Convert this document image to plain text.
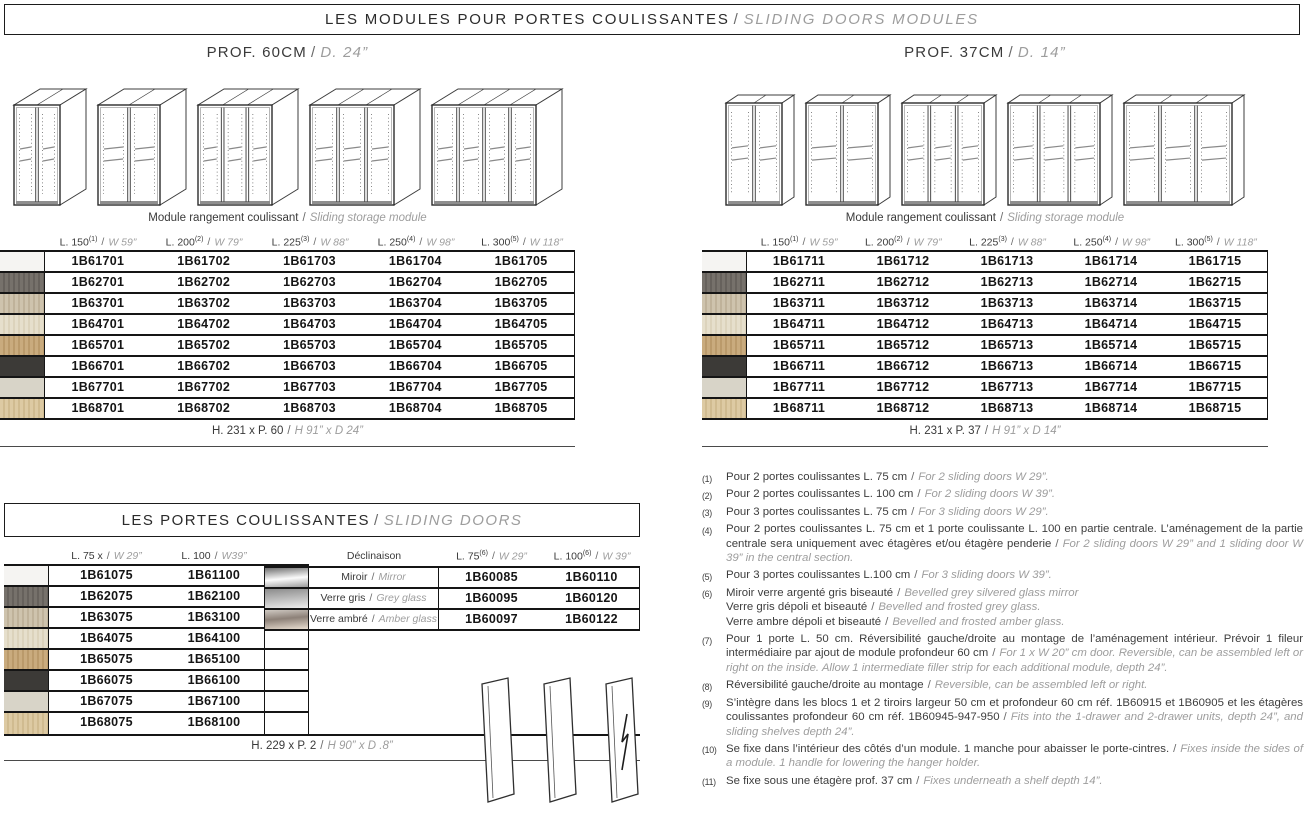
LES MODULES POUR PORTES COULISSANTES / SLIDING DOORS MODULES
PROF. 60CM / D. 24”
Module rangement coulissant / Sliding storage module
L. 150$^{(1)}$ / W 59”	L. 200$^{(2)}$ / W 79”	L. 225$^{(3)}$ / W 88”	L. 250$^{(4)}$ / W 98”	L. 300$^{(5)}$ / W 118”
1B61701	1B61702	1B61703	1B61704	1B61705
1B62701	1B62702	1B62703	1B62704	1B62705
1B63701	1B63702	1B63703	1B63704	1B63705
1B64701	1B64702	1B64703	1B64704	1B64705
1B65701	1B65702	1B65703	1B65704	1B65705
1B66701	1B66702	1B66703	1B66704	1B66705
1B67701	1B67702	1B67703	1B67704	1B67705
1B68701	1B68702	1B68703	1B68704	1B68705
H. 231 x P. 60 / H 91” x D 24”
PROF. 37CM / D. 14”
Module rangement coulissant / Sliding storage module
L. 150$^{(1)}$ / W 59”	L. 200$^{(2)}$ / W 79”	L. 225$^{(3)}$ / W 88”	L. 250$^{(4)}$ / W 98”	L. 300$^{(5)}$ / W 118”
1B61711	1B61712	1B61713	1B61714	1B61715
1B62711	1B62712	1B62713	1B62714	1B62715
1B63711	1B63712	1B63713	1B63714	1B63715
1B64711	1B64712	1B64713	1B64714	1B64715
1B65711	1B65712	1B65713	1B65714	1B65715
1B66711	1B66712	1B66713	1B66714	1B66715
1B67711	1B67712	1B67713	1B67714	1B67715
1B68711	1B68712	1B68713	1B68714	1B68715
H. 231 x P. 37 / H 91” x D 14”
LES PORTES COULISSANTES / SLIDING DOORS
L. 75 x / W 29”	L. 100 / W39”	Déclinaison	L. 75$^{(6)}$ / W 29”	L. 100$^{(6)}$ / W 39”
1B61075	1B61100
1B62075	1B62100
1B63075	1B63100
1B64075	1B64100
1B65075	1B65100
1B66075	1B66100
1B67075	1B67100
1B68075	1B68100
Miroir / Mirror	1B60085	1B60110
Verre gris / Grey glass	1B60095	1B60120
Verre ambré / Amber glass	1B60097	1B60122
H. 229 x P. 2 / H 90” x D .8”
(1) Pour 2 portes coulissantes L. 75 cm / For 2 sliding doors W 29”.
(2) Pour 2 portes coulissantes L. 100 cm / For 2 sliding doors W 39”.
(3) Pour 3 portes coulissantes L. 75 cm / For 3 sliding doors W 29”.
(4) Pour 2 portes coulissantes L. 75 cm et 1 porte coulissante L. 100 en partie centrale. L’aménagement de la partie centrale sera uniquement avec étagères et/ou étagère penderie / For 2 sliding doors W 29” and 1 sliding door W 39” in the central section.
(5) Pour 3 portes coulissantes L.100 cm / For 3 sliding doors W 39”.
(6) Miroir verre argenté gris biseauté / Bevelled grey silvered glass mirror
Verre gris dépoli et biseauté / Bevelled and frosted grey glass.
Verre ambre dépoli et biseauté / Bevelled and frosted amber glass.
(7) Pour 1 porte L. 50 cm. Réversibilité gauche/droite au montage de l’aménagement intérieur. Prévoir 1 fileur intermédiaire par ajout de module profondeur 60 cm / For 1 x W 20” cm door. Reversible, can be assembled left or right on the inside. Allow 1 intermediate filler strip for each additional module, depth 24”.
(8) Réversibilité gauche/droite au montage / Reversible, can be assembled left or right.
(9) S’intègre dans les blocs 1 et 2 tiroirs largeur 50 cm et profondeur 60 cm réf. 1B60915 et 1B60905 et les étagères coulissantes profondeur 60 cm réf. 1B60945-947-950 / Fits into the 1-drawer and 2-drawer units, depth 24”, and sliding shelves depth 24”.
(10) Se fixe dans l’intérieur des côtés d’un module. 1 manche pour abaisser le porte-cintres. / Fixes inside the sides of a module. 1 handle for lowering the hanger holder.
(11) Se fixe sous une étagère prof. 37 cm / Fixes underneath a shelf depth 14”.
